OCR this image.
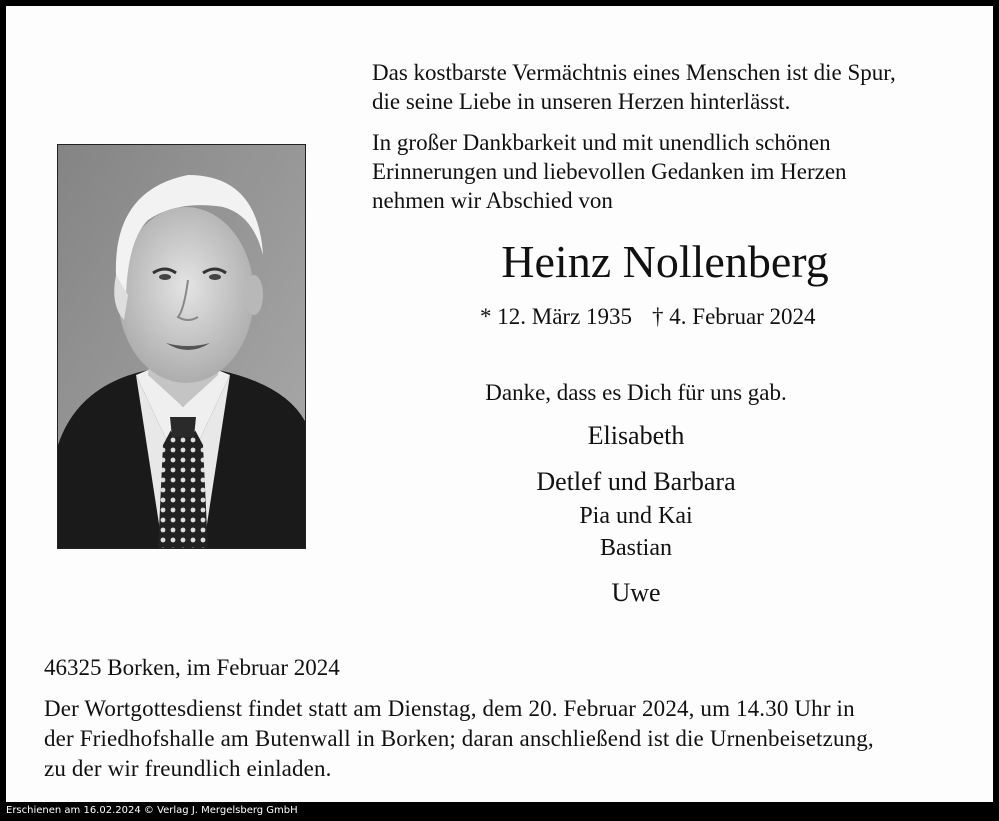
Das kostbarste Vermächtnis eines Menschen ist die Spur,
die seine Liebe in unseren Herzen hinterlässt.

In großer Dankbarkeit und mit unendlich schönen
Erinnerungen und liebevollen Gedanken im Herzen
nehmen wir Abschied von

Heinz Nollenberg
* 12. März 1935 † 4. Februar 2024
Danke, dass es Dich für uns gab.
Elisabeth
Detlef und Barbara
Pia und Kai
Bastian
Uwe
46325 Borken, im Februar 2024
Der Wortgottesdienst findet statt am Dienstag, dem 20. Februar 2024, um 14.30 Uhr in
der Friedhofshalle am Butenwall in Borken; daran anschließend ist die Urnenbeisetzung,
zu der wir freundlich einladen.
Erschienen am 16.02.2024 © Verlag J. Mergelsberg GmbH
